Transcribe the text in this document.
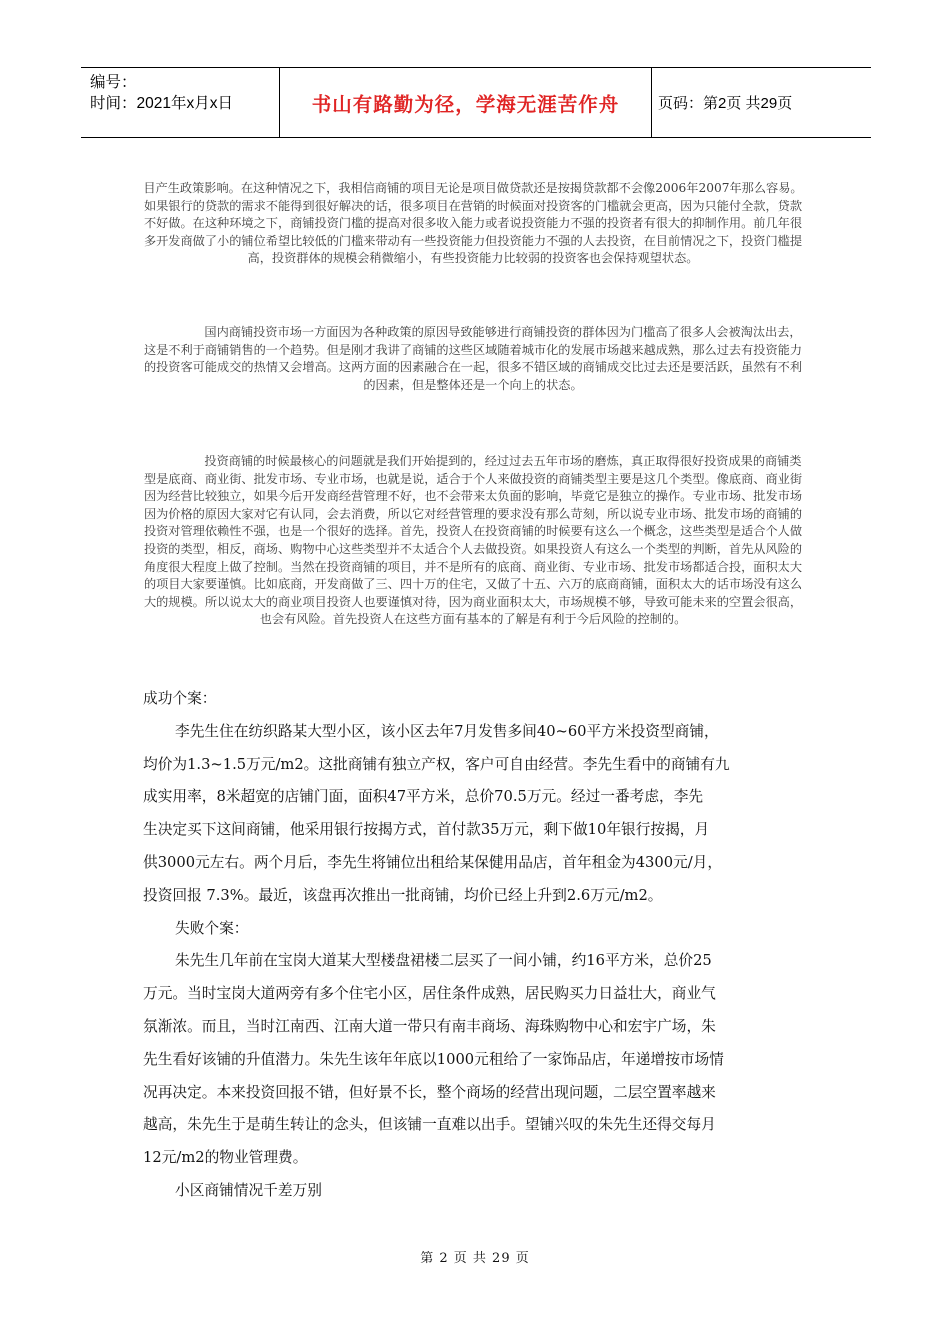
编号：
时间：2021年x月x日	书山有路勤为径，学海无涯苦作舟	页码：第2页 共29页

目产生政策影响。在这种情况之下，我相信商铺的项目无论是项目做贷款还是按揭贷款都不会像2006年2007年那么容易。如果银行的贷款的需求不能得到很好解决的话，很多项目在营销的时候面对投资客的门槛就会更高，因为只能付全款，贷款不好做。在这种环境之下，商铺投资门槛的提高对很多收入能力或者说投资能力不强的投资者有很大的抑制作用。前几年很多开发商做了小的铺位希望比较低的门槛来带动有一些投资能力但投资能力不强的人去投资，在目前情况之下，投资门槛提高，投资群体的规模会稍微缩小，有些投资能力比较弱的投资客也会保持观望状态。

国内商铺投资市场一方面因为各种政策的原因导致能够进行商铺投资的群体因为门槛高了很多人会被淘汰出去，这是不利于商铺销售的一个趋势。但是刚才我讲了商铺的这些区域随着城市化的发展市场越来越成熟，那么过去有投资能力的投资客可能成交的热情又会增高。这两方面的因素融合在一起，很多不错区域的商铺成交比过去还是要活跃，虽然有不利的因素，但是整体还是一个向上的状态。

投资商铺的时候最核心的问题就是我们开始提到的，经过过去五年市场的磨炼，真正取得很好投资成果的商铺类型是底商、商业街、批发市场、专业市场，也就是说，适合于个人来做投资的商铺类型主要是这几个类型。像底商、商业街因为经营比较独立，如果今后开发商经营管理不好，也不会带来太负面的影响，毕竟它是独立的操作。专业市场、批发市场因为价格的原因大家对它有认同，会去消费，所以它对经营管理的要求没有那么苛刻，所以说专业市场、批发市场的商铺的投资对管理依赖性不强，也是一个很好的选择。首先，投资人在投资商铺的时候要有这么一个概念，这些类型是适合个人做投资的类型，相反，商场、购物中心这些类型并不太适合个人去做投资。如果投资人有这么一个类型的判断，首先从风险的角度很大程度上做了控制。当然在投资商铺的项目，并不是所有的底商、商业街、专业市场、批发市场都适合投，面积太大的项目大家要谨慎。比如底商，开发商做了三、四十万的住宅，又做了十五、六万的底商商铺，面积太大的话市场没有这么大的规模。所以说太大的商业项目投资人也要谨慎对待，因为商业面积太大，市场规模不够，导致可能未来的空置会很高，也会有风险。首先投资人在这些方面有基本的了解是有利于今后风险的控制的。

成功个案：

李先生住在纺织路某大型小区，该小区去年7月发售多间40~60平方米投资型商铺，

均价为1.3~1.5万元/m2。这批商铺有独立产权，客户可自由经营。李先生看中的商铺有九

成实用率，8米超宽的店铺门面，面积47平方米，总价70.5万元。经过一番考虑，李先

生决定买下这间商铺，他采用银行按揭方式，首付款35万元，剩下做10年银行按揭，月

供3000元左右。两个月后，李先生将铺位出租给某保健用品店，首年租金为4300元/月，

投资回报 7.3%。最近，该盘再次推出一批商铺，均价已经上升到2.6万元/m2。

失败个案：

朱先生几年前在宝岗大道某大型楼盘裙楼二层买了一间小铺，约16平方米，总价25

万元。当时宝岗大道两旁有多个住宅小区，居住条件成熟，居民购买力日益壮大，商业气

氛渐浓。而且，当时江南西、江南大道一带只有南丰商场、海珠购物中心和宏宇广场，朱

先生看好该铺的升值潜力。朱先生该年年底以1000元租给了一家饰品店，年递增按市场情

况再决定。本来投资回报不错，但好景不长，整个商场的经营出现问题，二层空置率越来

越高，朱先生于是萌生转让的念头，但该铺一直难以出手。望铺兴叹的朱先生还得交每月

12元/m2的物业管理费。

小区商铺情况千差万别

第 2 页 共 29 页
